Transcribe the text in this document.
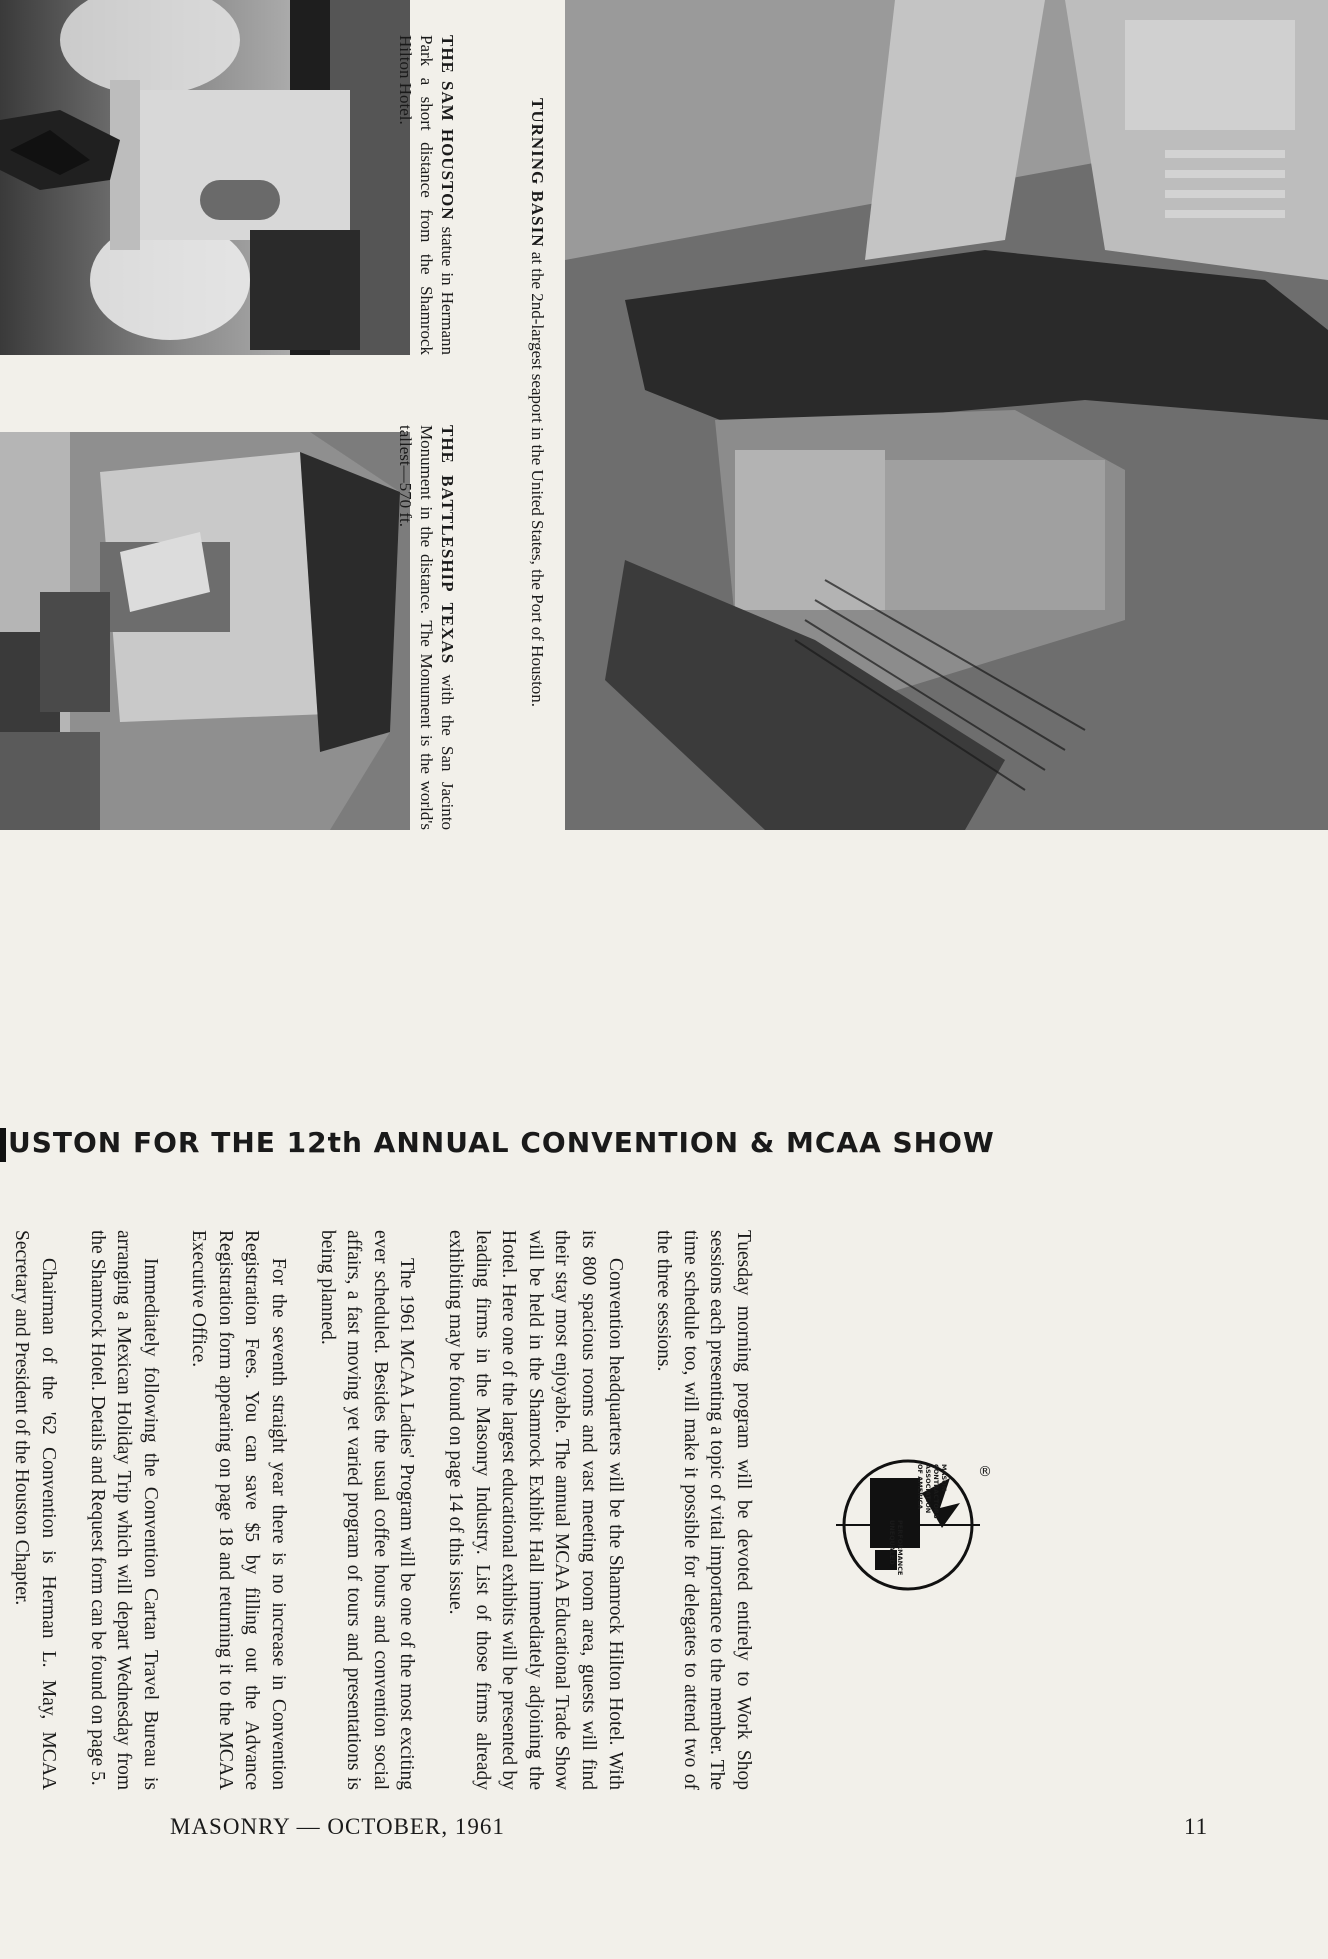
THE SAM HOUSTON statue in Hermann Park a short distance from the Shamrock Hilton Hotel.

THE BATTLESHIP TEXAS with the San Jacinto Monument in the distance. The Monument is the world's tallest—570 ft.

TURNING BASIN at the 2nd-largest seaport in the United States, the Port of Houston.

USTON FOR THE 12th ANNUAL CONVENTION & MCAA SHOW

Tuesday morning program will be devoted entirely to Work Shop sessions each presenting a topic of vital importance to the member. The time schedule too, will make it possible for delegates to attend two of the three sessions.

Convention headquarters will be the Shamrock Hilton Hotel. With its 800 spacious rooms and vast meeting room area, guests will find their stay most enjoyable. The annual MCAA Educational Trade Show will be held in the Shamrock Exhibit Hall immediately adjoining the Hotel. Here one of the largest educational exhibits will be presented by leading firms in the Masonry Industry. List of those firms already exhibiting may be found on page 14 of this issue.

The 1961 MCAA Ladies' Program will be one of the most exciting ever scheduled. Besides the usual coffee hours and convention social affairs, a fast moving yet varied program of tours and presentations is being planned.

For the seventh straight year there is no increase in Convention Registration Fees. You can save $5 by filling out the Advance Registration form appearing on page 18 and returning it to the MCAA Executive Office.

Immediately following the Convention Cartan Travel Bureau is arranging a Mexican Holiday Trip which will depart Wednesday from the Shamrock Hotel. Details and Request form can be found on page 5.

Chairman of the '62 Convention is Herman L. May, MCAA Secretary and President of the Houston Chapter.	PERFORMANCE UNEQUALED
MASON CONTRACTORS ASSOCIATION OF AMERICA	®
MASONRY — OCTOBER, 1961	11
